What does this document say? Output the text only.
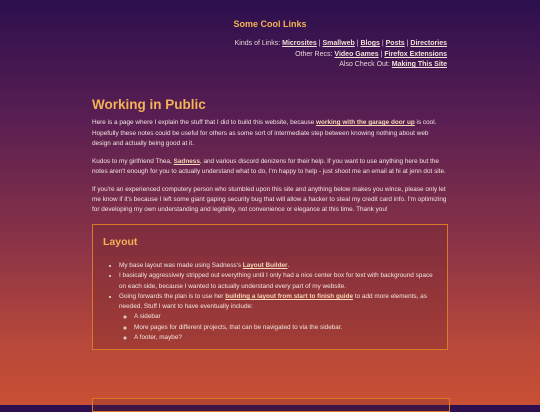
Some Cool Links
Kinds of Links: Microsites | Smallweb | Blogs | Posts | Directories
Other Recs: Video Games | Firefox Extensions
Also Check Out: Making This Site
Working in Public

Here is a page where I explain the stuff that I did to build this website, because working with the garage door up is cool. Hopefully these notes could be useful for others as some sort of intermediate step between knowing nothing about web design and actually being good at it.

Kudos to my girlfriend Thea, Sadness, and various discord denizens for their help. If you want to use anything here but the notes aren't enough for you to actually understand what to do, I'm happy to help - just shoot me an email at hi at jenn dot site.

If you're an experienced computery person who stumbled upon this site and anything below makes you wince, please only let me know if it's because I left some giant gaping security bug that will allow a hacker to steal my credit card info. I'm optimizing for developing my own understanding and legibility, not convenience or elegance at this time. Thank you!

Layout
• My base layout was made using Sadness's Layout Builder.
• I basically aggressively stripped out everything until I only had a nice center box for text with background space on each side, because I wanted to actually understand every part of my website.
• Going forwards the plan is to use her building a layout from start to finish guide to add more elements, as needed. Stuff I want to have eventually include:
◦ A sidebar
◦ More pages for different projects, that can be navigated to via the sidebar.
◦ A footer, maybe?
